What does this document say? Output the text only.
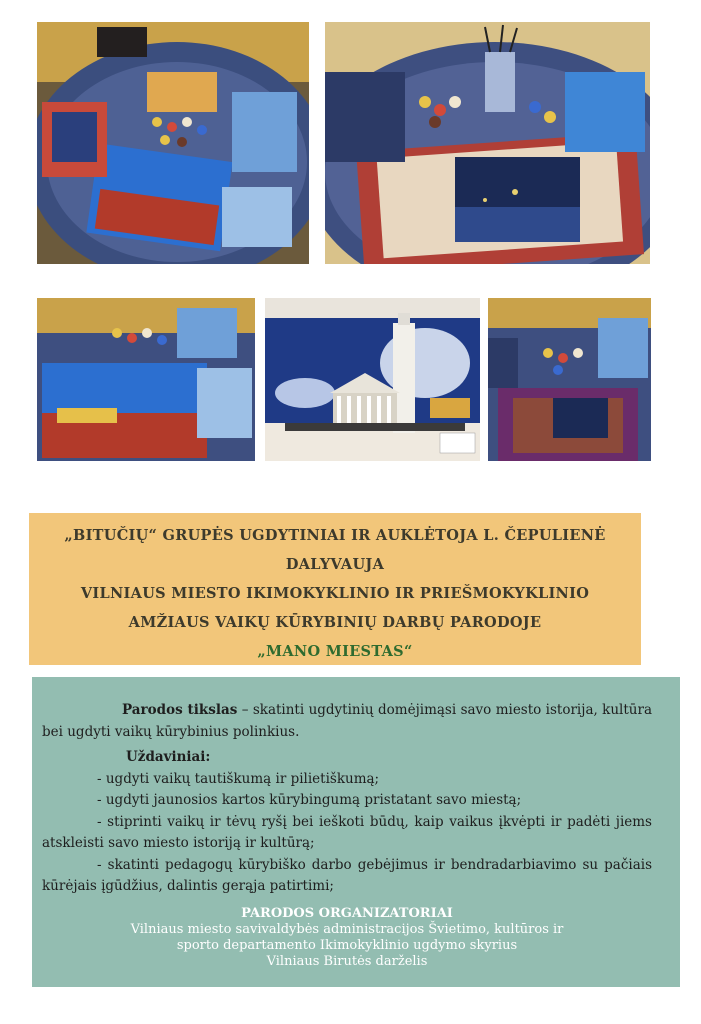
„BITUČIŲ“ GRUPĖS UGDYTINIAI IR AUKLĖTOJA L. ČEPULIENĖ
DALYVAUJA
VILNIAUS MIESTO IKIMOKYKLINIO IR PRIEŠMOKYKLINIO
AMŽIAUS VAIKŲ KŪRYBINIŲ DARBŲ PARODOJE
„MANO MIESTAS“

Parodos tikslas – skatinti ugdytinių domėjimąsi savo miesto istorija, kultūra bei ugdyti vaikų kūrybinius polinkius.

Uždaviniai:

- ugdyti vaikų tautiškumą ir pilietiškumą;

- ugdyti jaunosios kartos kūrybingumą pristatant savo miestą;

- stiprinti vaikų ir tėvų ryšį bei ieškoti būdų, kaip vaikus įkvėpti ir padėti jiems atskleisti savo miesto istoriją ir kultūrą;

- skatinti pedagogų kūrybiško darbo gebėjimus ir bendradarbiavimo su pačiais kūrėjais įgūdžius, dalintis gerąja patirtimi;

PARODOS ORGANIZATORIAI
Vilniaus miesto savivaldybės administracijos Švietimo, kultūros ir
sporto departamento Ikimokyklinio ugdymo skyrius
Vilniaus Birutės darželis
